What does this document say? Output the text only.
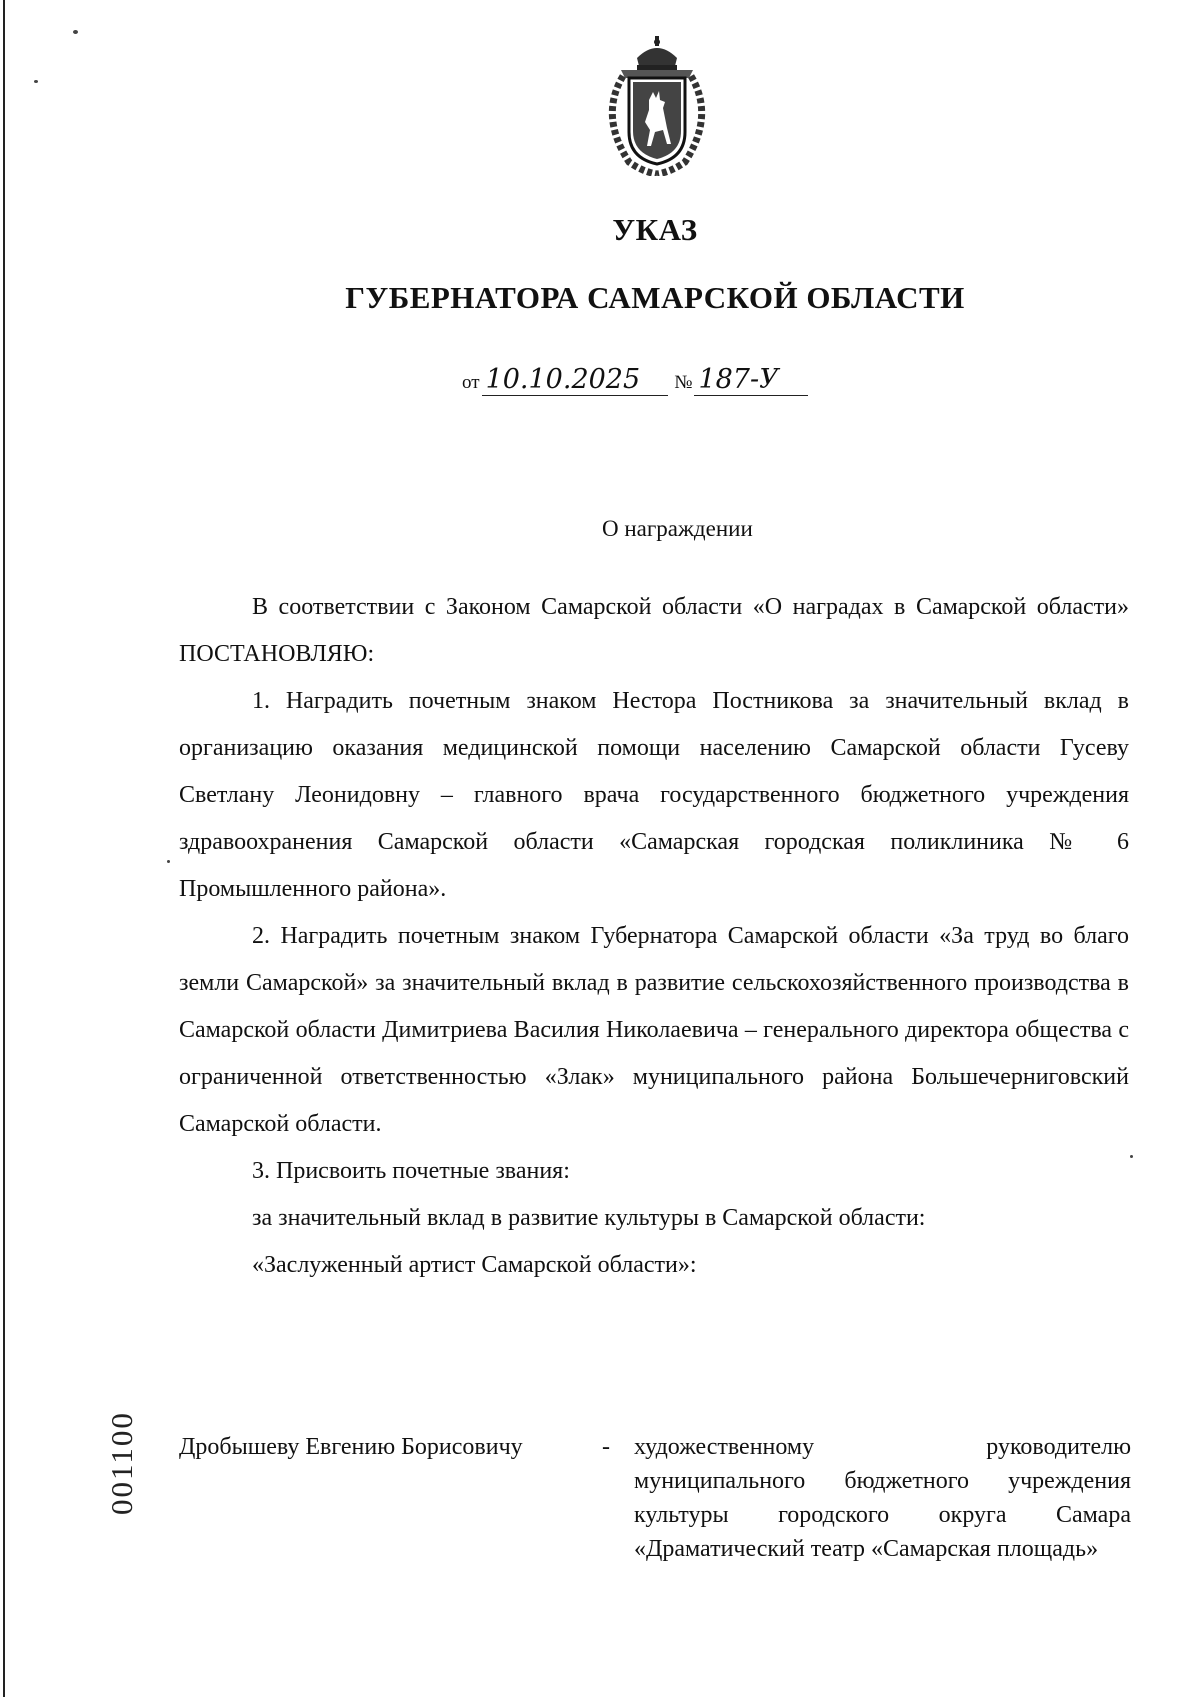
УКАЗ
ГУБЕРНАТОРА САМАРСКОЙ ОБЛАСТИ
от 10.10.2025 № 187-У
О награждении

В соответствии с Законом Самарской области «О наградах в Самарской области» ПОСТАНОВЛЯЮ:

1. Наградить почетным знаком Нестора Постникова за значительный вклад в организацию оказания медицинской помощи населению Самарской области Гусеву Светлану Леонидовну – главного врача государственного бюджетного учреждения здравоохранения Самарской области «Самарская городская поликлиника № 6 Промышленного района».

2. Наградить почетным знаком Губернатора Самарской области «За труд во благо земли Самарской» за значительный вклад в развитие сельскохозяйственного производства в Самарской области Димитриева Василия Николаевича – генерального директора общества с ограниченной ответственностью «Злак» муниципального района Большечерниговский Самарской области.

3. Присвоить почетные звания:

за значительный вклад в развитие культуры в Самарской области:

«Заслуженный артист Самарской области»:

Дробышеву Евгению Борисовичу	- художественному руководителю муниципального бюджетного учреждения культуры городского округа Самара «Драматический театр «Самарская площадь»
001100
